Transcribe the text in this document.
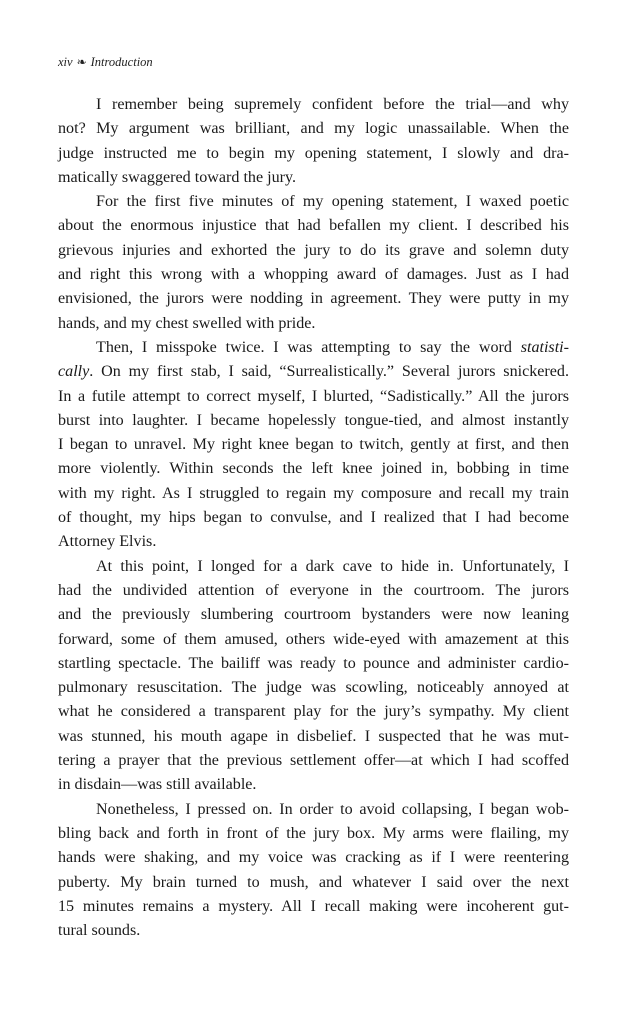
xiv ❧ Introduction
I remember being supremely confident before the trial—and why
not? My argument was brilliant, and my logic unassailable. When the
judge instructed me to begin my opening statement, I slowly and dra-
matically swaggered toward the jury.
For the first five minutes of my opening statement, I waxed poetic
about the enormous injustice that had befallen my client. I described his
grievous injuries and exhorted the jury to do its grave and solemn duty
and right this wrong with a whopping award of damages. Just as I had
envisioned, the jurors were nodding in agreement. They were putty in my
hands, and my chest swelled with pride.
Then, I misspoke twice. I was attempting to say the word statisti-
cally. On my first stab, I said, “Surrealistically.” Several jurors snickered.
In a futile attempt to correct myself, I blurted, “Sadistically.” All the jurors
burst into laughter. I became hopelessly tongue-tied, and almost instantly
I began to unravel. My right knee began to twitch, gently at first, and then
more violently. Within seconds the left knee joined in, bobbing in time
with my right. As I struggled to regain my composure and recall my train
of thought, my hips began to convulse, and I realized that I had become
Attorney Elvis.
At this point, I longed for a dark cave to hide in. Unfortunately, I
had the undivided attention of everyone in the courtroom. The jurors
and the previously slumbering courtroom bystanders were now leaning
forward, some of them amused, others wide-eyed with amazement at this
startling spectacle. The bailiff was ready to pounce and administer cardio-
pulmonary resuscitation. The judge was scowling, noticeably annoyed at
what he considered a transparent play for the jury’s sympathy. My client
was stunned, his mouth agape in disbelief. I suspected that he was mut-
tering a prayer that the previous settlement offer—at which I had scoffed
in disdain—was still available.
Nonetheless, I pressed on. In order to avoid collapsing, I began wob-
bling back and forth in front of the jury box. My arms were flailing, my
hands were shaking, and my voice was cracking as if I were reentering
puberty. My brain turned to mush, and whatever I said over the next
15 minutes remains a mystery. All I recall making were incoherent gut-
tural sounds.
